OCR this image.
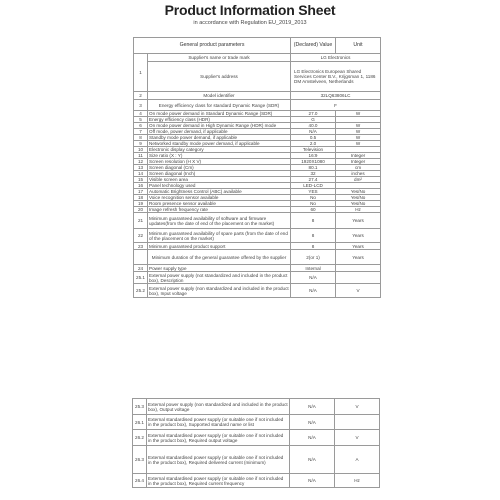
Product Information Sheet
in accordance with Regulation EU_2019_2013
General product parameters		(Declared) Value	Unit
1	Supplier's name or trade mark	LG Electronics	
	Supplier's address	LG Electronics European Shared Services Center B.V., Krijgsman 1, 1186 DM Amstelveen, Netherlands	
2	Model identifier	32LQ63806LC	
3	Energy efficiency class for standard Dynamic Range (SDR)	F	
4	On mode power demand in Standard Dynamic Range (SDR)	27.0	W
5	Energy efficiency class (HDR)	G	
6	On mode power demand in High Dynamic Range (HDR) mode	40.0	W
7	Off mode, power demand, if applicable	N/A	W
8	Standby mode power demand, if applicable	0.5	W
9	Networked standby mode power demand, if applicable	2.0	W
10	Electronic display category	Television	
11	Size ratio (X : Y)	16:9	Integer
12	Screen resolution (H X V)	1920X1080	Integer
13	Screen diagonal (Cm)	80.1	cm
14	Screen diagonal (Inch)	32	inches
15	Visible screen area	27.4	dm²
16	Panel technology used	LED-LCD	
17	Automatic Brightness Control (ABC) available	YES	Yes/No
18	Voice recognition sensor available	No	Yes/No
19	Room presence sensor available	No	Yes/No
20	Image refresh frequency rate	60	Hz
21	Minimum guaranteed availability of software and firmware updates(from the date of end of the placement on the market)	8	Years
22	Minimum guaranteed availability of spare parts (from the date of end of the placement on the market)	8	Years
23	Minimum guaranteed product support	8	Years
	Minimum duration of the general guarantee offered by the supplier	2(or 1)	Years
24	Power supply type	Internal	
25.1	External power supply (not standardized and included in the product box), Description	N/A	
25.2	External power supply (non standardized and included in the product box), Input voltage	N/A	V
25.3	External power supply (non standardized and included in the product box), Output voltage	N/A	V
26.1	External standardised power supply (or suitable one if not included in the product box), Supported standard name or list	N/A	
26.2	External standardised power supply (or suitable one if not included in the product box), Required output voltage	N/A	V
26.3	External standardised power supply (or suitable one if not included in the product box), Required delivered current (minimum)	N/A	A
26.4	External standardised power supply (or suitable one if not included in the product box), Required current frequency	N/A	Hz
